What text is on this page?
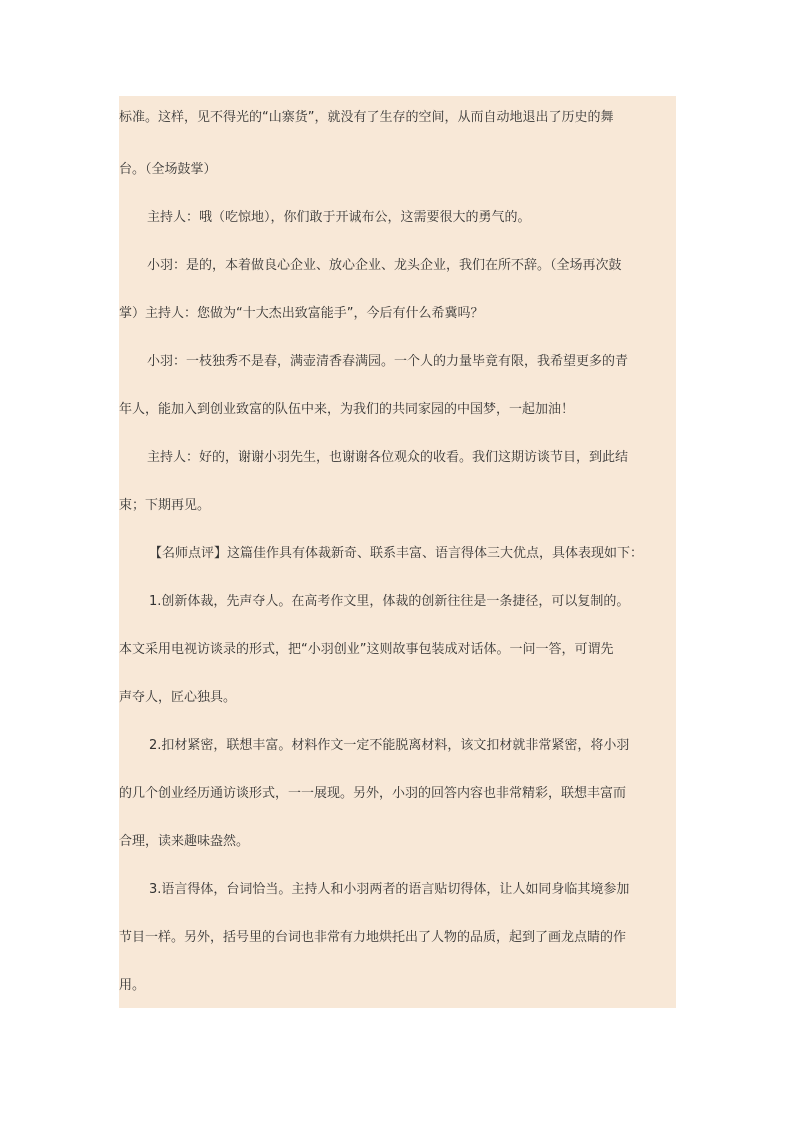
标准。这样，见不得光的“山寨货”，就没有了生存的空间，从而自动地退出了历史的舞
台。（全场鼓掌）
主持人：哦（吃惊地），你们敢于开诚布公，这需要很大的勇气的。
小羽：是的，本着做良心企业、放心企业、龙头企业，我们在所不辞。（全场再次鼓
掌）主持人：您做为“十大杰出致富能手”，今后有什么希冀吗？
小羽：一枝独秀不是春，满壶清香春满园。一个人的力量毕竟有限，我希望更多的青
年人，能加入到创业致富的队伍中来，为我们的共同家园的中国梦，一起加油！
主持人：好的，谢谢小羽先生，也谢谢各位观众的收看。我们这期访谈节目，到此结
束；下期再见。
【名师点评】这篇佳作具有体裁新奇、联系丰富、语言得体三大优点，具体表现如下：
1.创新体裁，先声夺人。在高考作文里，体裁的创新往往是一条捷径，可以复制的。
本文采用电视访谈录的形式，把“小羽创业”这则故事包装成对话体。一问一答，可谓先
声夺人，匠心独具。
2.扣材紧密，联想丰富。材料作文一定不能脱离材料，该文扣材就非常紧密，将小羽
的几个创业经历通访谈形式，一一展现。另外，小羽的回答内容也非常精彩，联想丰富而
合理，读来趣味盎然。
3.语言得体，台词恰当。主持人和小羽两者的语言贴切得体，让人如同身临其境参加
节目一样。另外，括号里的台词也非常有力地烘托出了人物的品质，起到了画龙点睛的作
用。
